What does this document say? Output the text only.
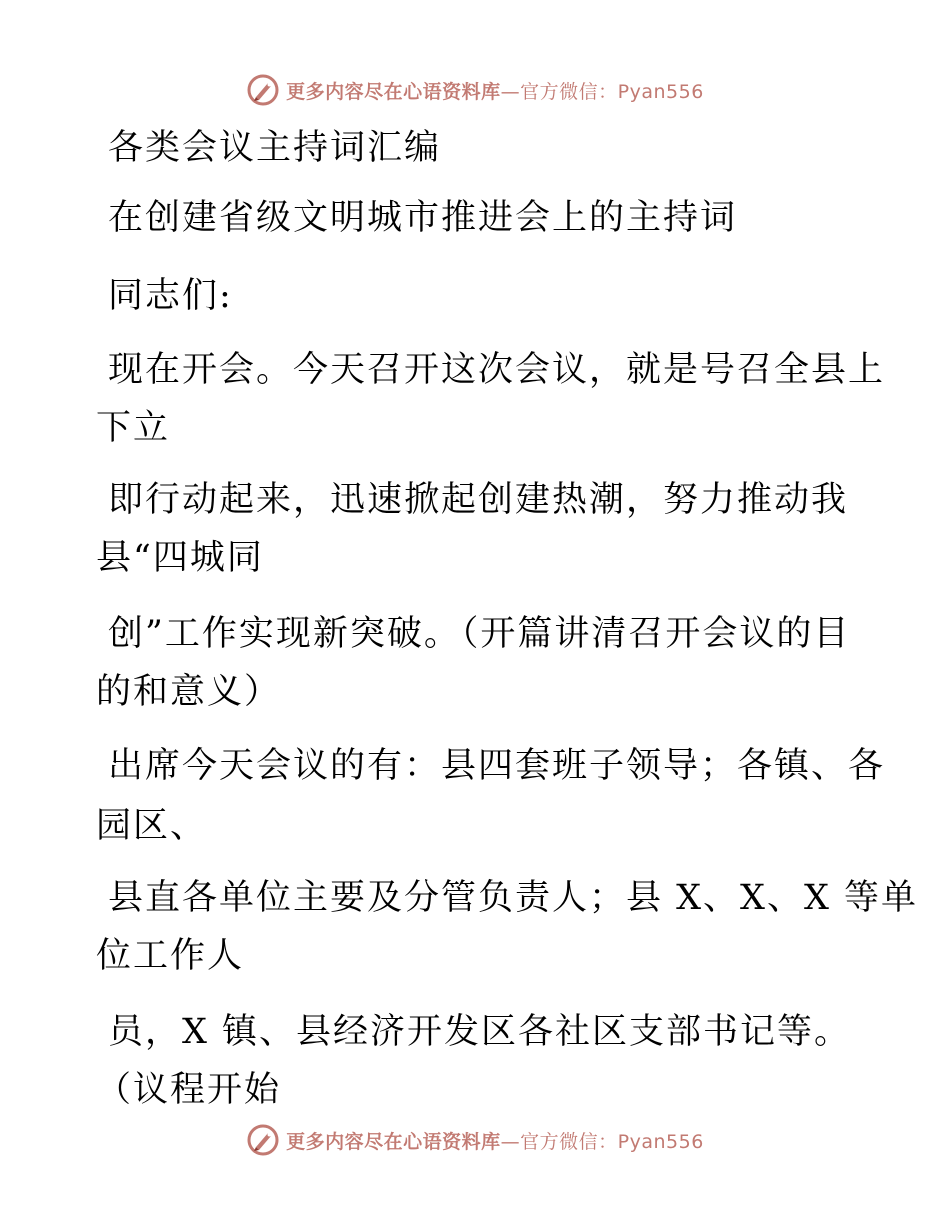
更多内容尽在心语资料库—官方微信：Pyan556
各类会议主持词汇编
在创建省级文明城市推进会上的主持词
同志们:
现在开会。今天召开这次会议，就是号召全县上
下立
即行动起来，迅速掀起创建热潮，努力推动我
县“四城同
创”工作实现新突破。（开篇讲清召开会议的目
的和意义）
出席今天会议的有：县四套班子领导；各镇、各
园区、
县直各单位主要及分管负责人；县 X、X、X 等单
位工作人
员，X 镇、县经济开发区各社区支部书记等。
（议程开始
更多内容尽在心语资料库—官方微信：Pyan556
